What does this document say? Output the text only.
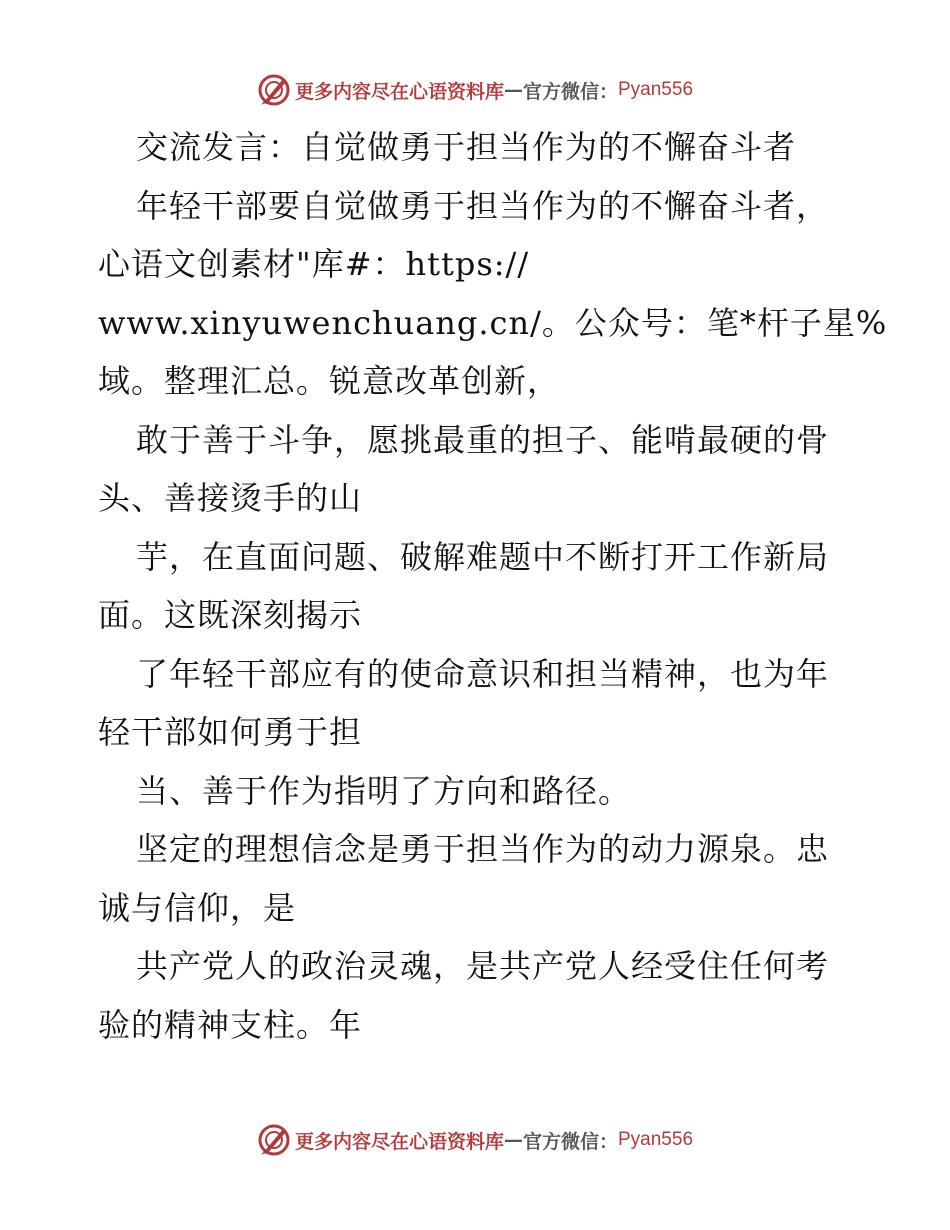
更多内容尽在心语资料库 — 官方微信： Pyan556
交流发言：自觉做勇于担当作为的不懈奋斗者
年轻干部要自觉做勇于担当作为的不懈奋斗者，
心语文创素材"库#：https://
www.xinyuwenchuang.cn/。公众号：笔*杆子星%
域。整理汇总。锐意改革创新，
敢于善于斗争，愿挑最重的担子、能啃最硬的骨
头、善接烫手的山
芋，在直面问题、破解难题中不断打开工作新局
面。这既深刻揭示
了年轻干部应有的使命意识和担当精神，也为年
轻干部如何勇于担
当、善于作为指明了方向和路径。
坚定的理想信念是勇于担当作为的动力源泉。忠
诚与信仰，是
共产党人的政治灵魂，是共产党人经受住任何考
验的精神支柱。年
更多内容尽在心语资料库 — 官方微信： Pyan556
